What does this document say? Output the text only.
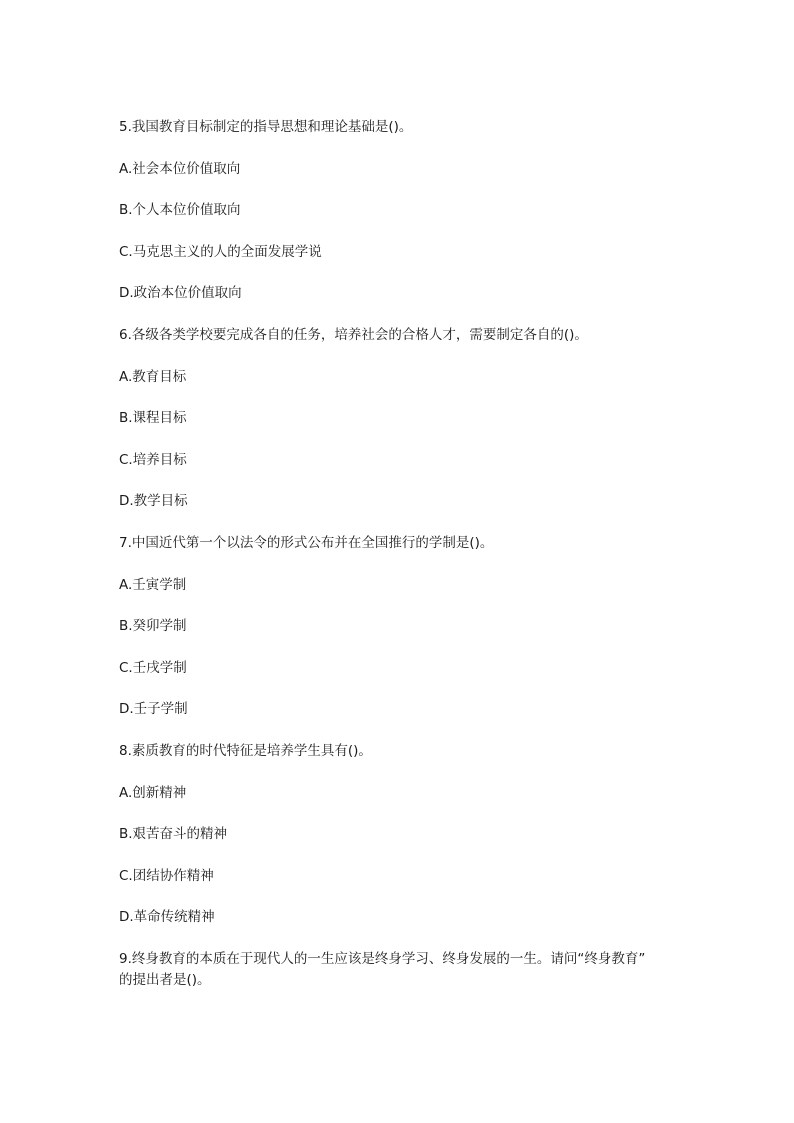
5.我国教育目标制定的指导思想和理论基础是()。
A.社会本位价值取向
B.个人本位价值取向
C.马克思主义的人的全面发展学说
D.政治本位价值取向
6.各级各类学校要完成各自的任务，培养社会的合格人才，需要制定各自的()。
A.教育目标
B.课程目标
C.培养目标
D.教学目标
7.中国近代第一个以法令的形式公布并在全国推行的学制是()。
A.壬寅学制
B.癸卯学制
C.壬戌学制
D.壬子学制
8.素质教育的时代特征是培养学生具有()。
A.创新精神
B.艰苦奋斗的精神
C.团结协作精神
D.革命传统精神
9.终身教育的本质在于现代人的一生应该是终身学习、终身发展的一生。请问“终身教育”
的提出者是()。
